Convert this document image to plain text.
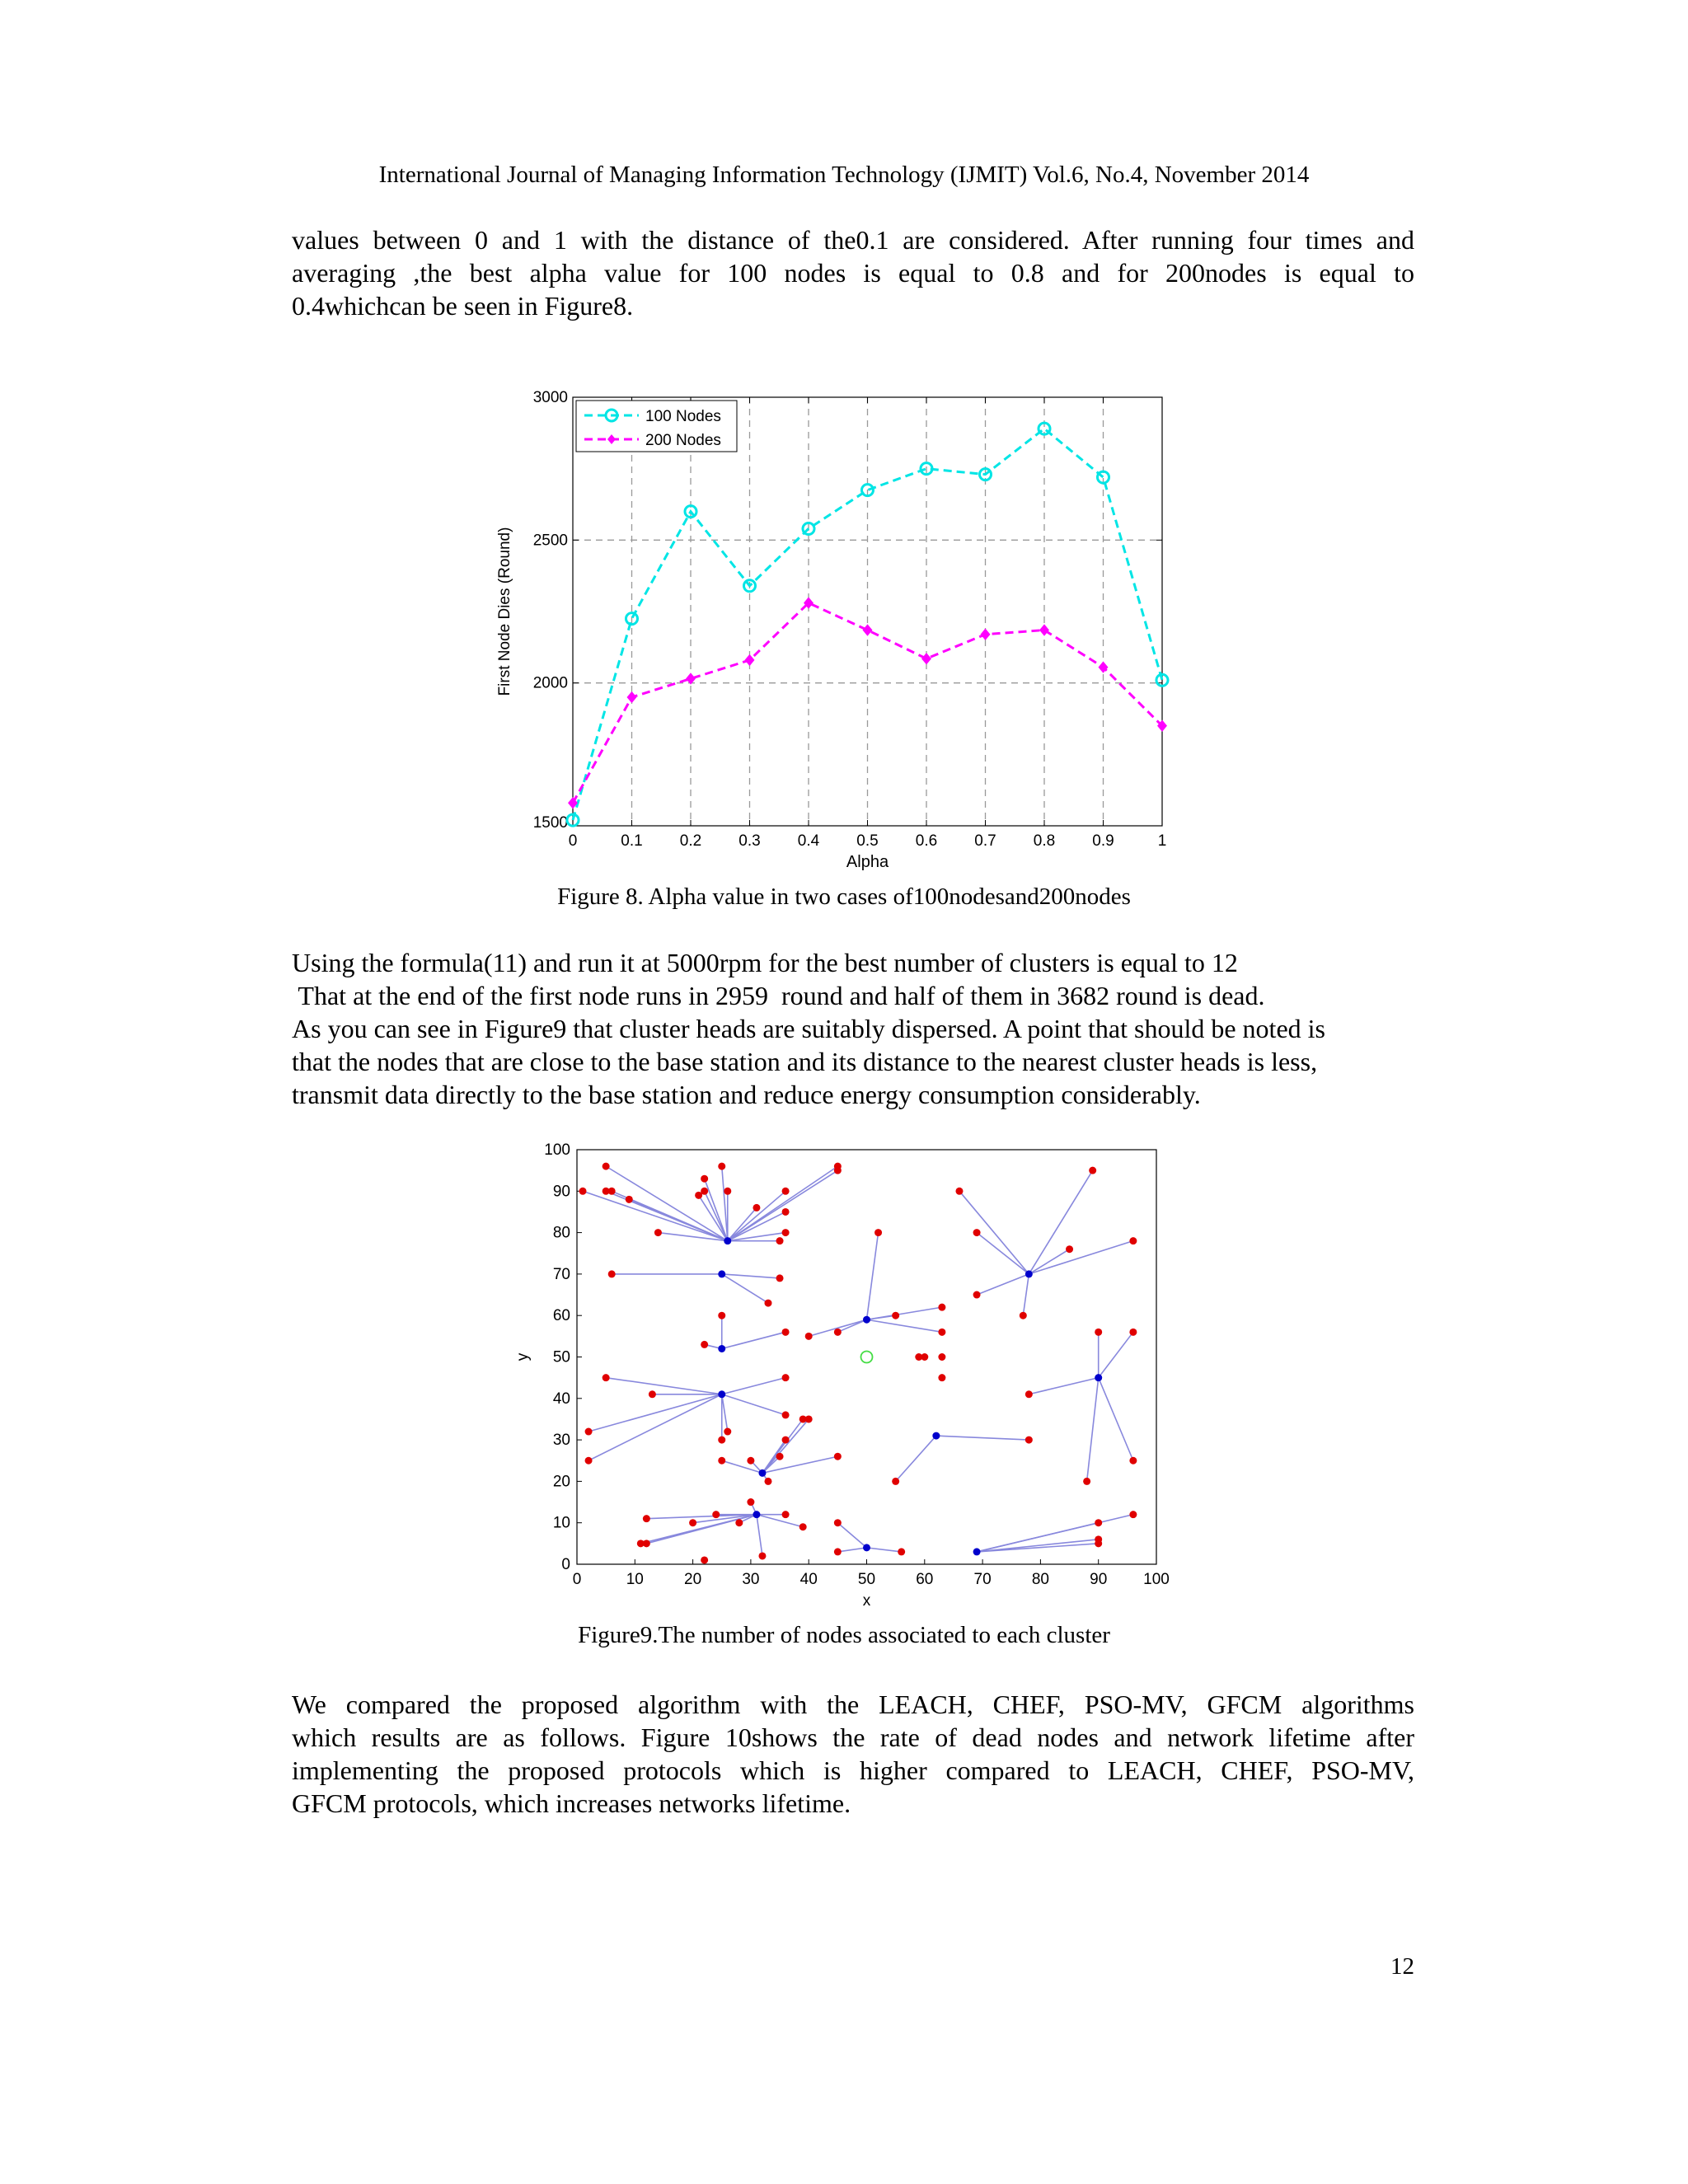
International Journal of Managing Information Technology (IJMIT) Vol.6, No.4, November 2014
values between 0 and 1 with the distance of the0.1 are considered. After running four times and
averaging ,the best alpha value for 100 nodes is equal to 0.8 and for 200nodes is equal to
0.4whichcan be seen in Figure8.
0	0.1 0.2 0.3 0.4 0.5 0.6 0.7 0.8 0.9	1
1500
2000
2500
3000
Alpha
First Node Dies (Round)
100 Nodes
200 Nodes
Figure 8. Alpha value in two cases of100nodesand200nodes
Using the formula(11) and run it at 5000rpm for the best number of clusters is equal to 12
That at the end of the first node runs in 2959  round and half of them in 3682 round is dead.
As you can see in Figure9 that cluster heads are suitably dispersed. A point that should be noted is
that the nodes that are close to the base station and its distance to the nearest cluster heads is less,
transmit data directly to the base station and reduce energy consumption considerably.
0	10	20	30	40	50	60	70	80	90 100
0
10
20
30
40
50
60
70
80
90
100
x
y
Figure9.The number of nodes associated to each cluster
We compared the proposed algorithm with the LEACH, CHEF, PSO-MV, GFCM algorithms
which results are as follows. Figure 10shows the rate of dead nodes and network lifetime after
implementing the proposed protocols which is higher compared to LEACH, CHEF, PSO-MV,
GFCM protocols, which increases networks lifetime.
12
